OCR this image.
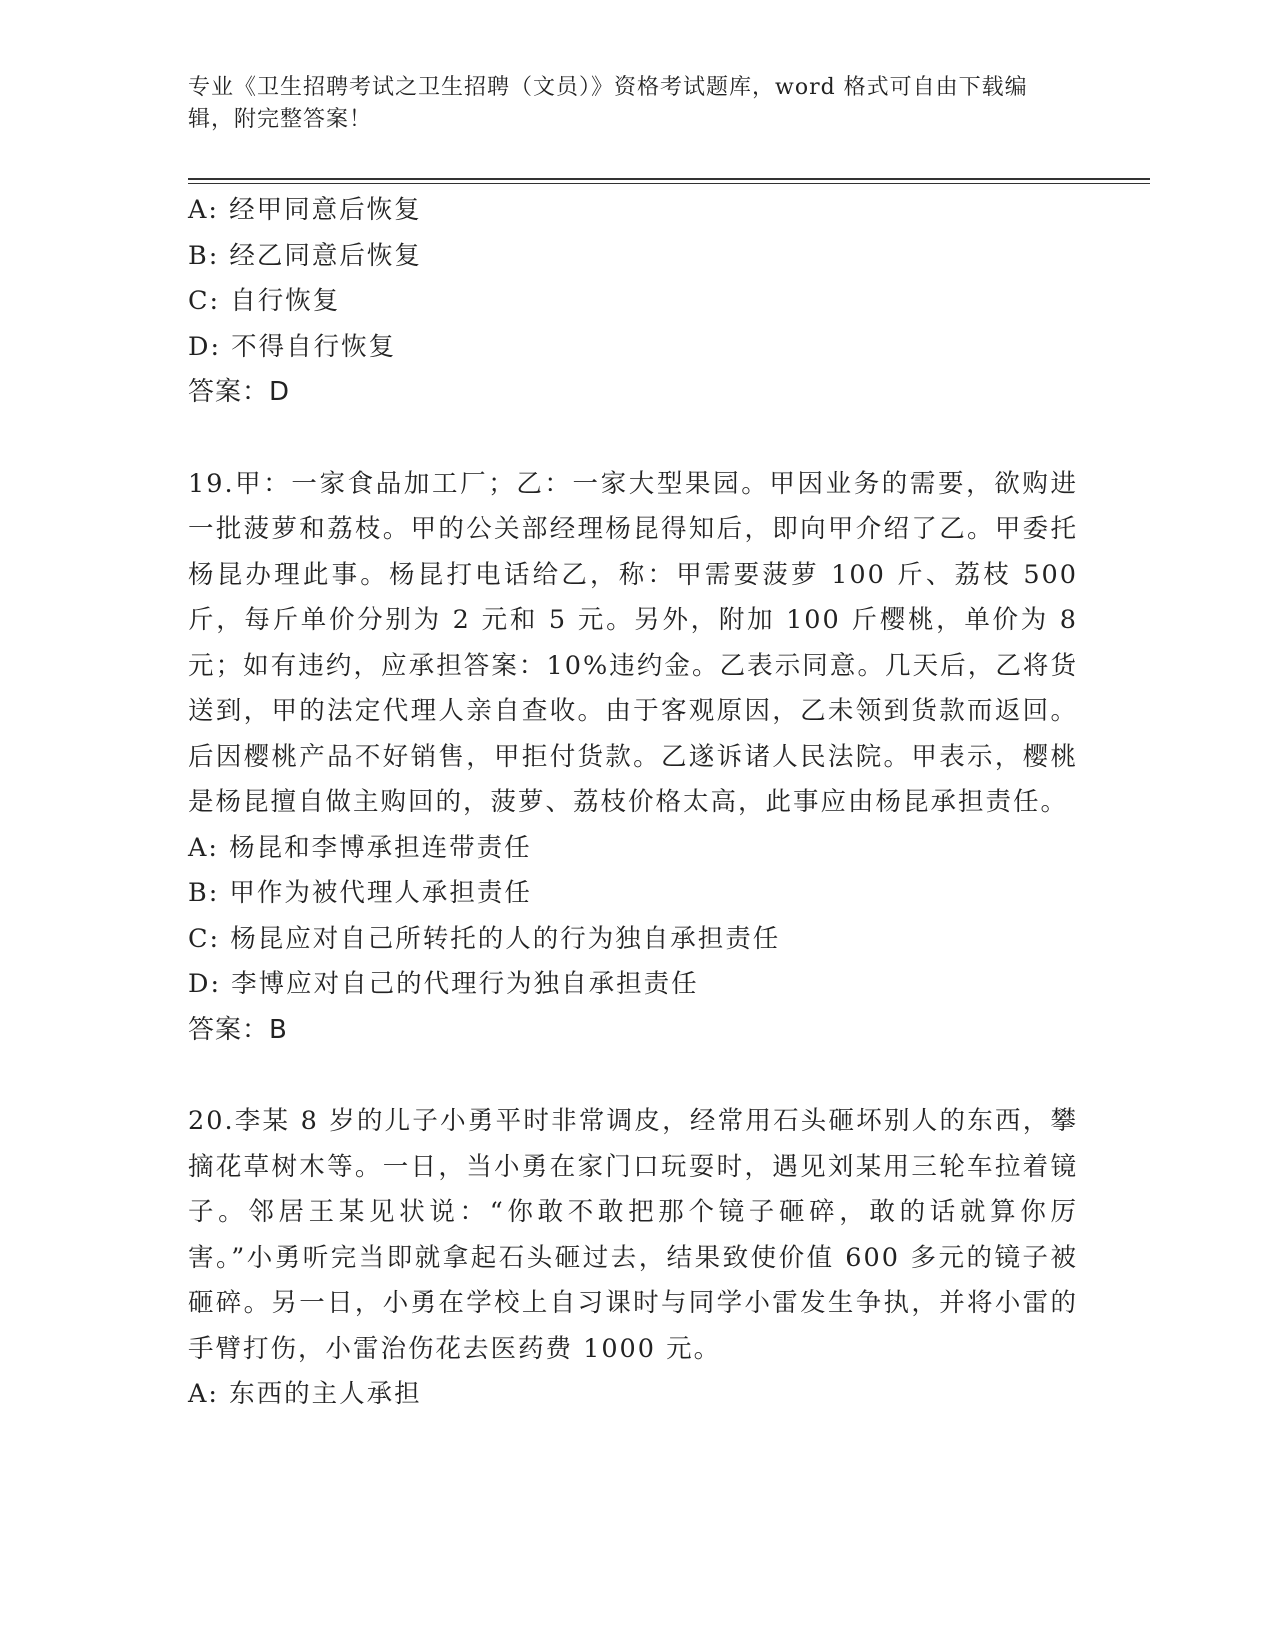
专业《卫生招聘考试之卫生招聘（文员）》资格考试题库，word 格式可自由下载编辑，附完整答案！
A: 经甲同意后恢复
B: 经乙同意后恢复
C: 自行恢复
D: 不得自行恢复
答案：D
19.甲：一家食品加工厂；乙：一家大型果园。甲因业务的需要，欲购进一批菠萝和荔枝。甲的公关部经理杨昆得知后，即向甲介绍了乙。甲委托杨昆办理此事。杨昆打电话给乙，称：甲需要菠萝 100 斤、荔枝 500 斤，每斤单价分别为 2 元和 5 元。另外，附加 100 斤樱桃，单价为 8 元；如有违约，应承担答案：10%违约金。乙表示同意。几天后，乙将货送到，甲的法定代理人亲自查收。由于客观原因，乙未领到货款而返回。后因樱桃产品不好销售，甲拒付货款。乙遂诉诸人民法院。甲表示，樱桃是杨昆擅自做主购回的，菠萝、荔枝价格太高，此事应由杨昆承担责任。
A: 杨昆和李博承担连带责任
B: 甲作为被代理人承担责任
C: 杨昆应对自己所转托的人的行为独自承担责任
D: 李博应对自己的代理行为独自承担责任
答案：B
20.李某 8 岁的儿子小勇平时非常调皮，经常用石头砸坏别人的东西，攀摘花草树木等。一日，当小勇在家门口玩耍时，遇见刘某用三轮车拉着镜子。邻居王某见状说：“你敢不敢把那个镜子砸碎，敢的话就算你厉害。”小勇听完当即就拿起石头砸过去，结果致使价值 600 多元的镜子被砸碎。另一日，小勇在学校上自习课时与同学小雷发生争执，并将小雷的手臂打伤，小雷治伤花去医药费 1000 元。
A: 东西的主人承担
